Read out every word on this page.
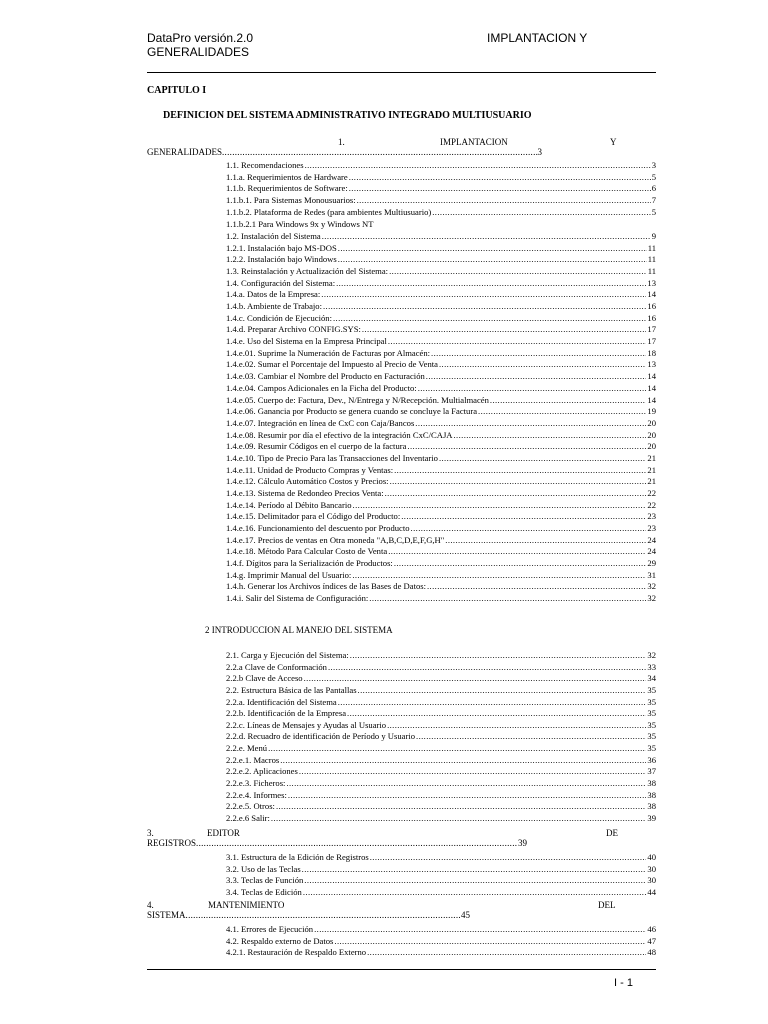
DataPro versión.2.0
GENERALIDADES
IMPLANTACION Y
CAPITULO I
DEFINICION DEL SISTEMA ADMINISTRATIVO INTEGRADO MULTIUSUARIO
1.	IMPLANTACION	Y
GENERALIDADES .....	3
1.1. Recomendaciones .....	3
1.1.a. Requerimientos de Hardware .....	5
1.1.b. Requerimientos de Software: .....	6
1.1.b.1. Para Sistemas Monousuarios: .....	7
1.1.b.2. Plataforma de Redes (para ambientes Multiusuario) .....	5
1.1.b.2.1 Para Windows 9x y Windows NT
1.2. Instalación del Sistema .....	9
1.2.1. Instalación bajo MS-DOS .....	11
1.2.2. Instalación bajo Windows .....	11
1.3. Reinstalación y Actualización del Sistema: .....	11
1.4. Configuración del Sistema: .....	13
1.4.a. Datos de la Empresa: .....	14
1.4.b. Ambiente de Trabajo: .....	16
1.4.c. Condición de Ejecución: .....	16
1.4.d. Preparar Archivo CONFIG.SYS: .....	17
1.4.e. Uso del Sistema en la Empresa Principal .....	17
1.4.e.01. Suprime la Numeración de Facturas por Almacén: .....	18
1.4.e.02. Sumar el Porcentaje del Impuesto al Precio de Venta .....	13
1.4.e.03. Cambiar el Nombre del Producto en Facturación .....	14
1.4.e.04. Campos Adicionales en la Ficha del Producto: .....	14
1.4.e.05. Cuerpo de: Factura, Dev., N/Entrega y N/Recepción. Multialmacén .....	14
1.4.e.06. Ganancia por Producto se genera cuando se concluye la Factura .....	19
1.4.e.07. Integración en línea de CxC con Caja/Bancos .....	20
1.4.e.08. Resumir por día el efectivo de la integración CxC/CAJA .....	20
1.4.e.09. Resumir Códigos en el cuerpo de la factura .....	20
1.4.e.10. Tipo de Precio Para las Transacciones del Inventario .....	21
1.4.e.11. Unidad de Producto Compras y Ventas: .....	21
1.4.e.12. Cálculo Automático Costos y Precios: .....	21
1.4.e.13. Sistema de Redondeo Precios Venta: .....	22
1.4.e.14. Período al Débito Bancario .....	22
1.4.e.15. Delimitador para el Código del Producto: .....	23
1.4.e.16. Funcionamiento del descuento por Producto .....	23
1.4.e.17. Precios de ventas en Otra moneda "A,B,C,D,E,F,G,H" .....	24
1.4.e.18. Método Para Calcular Costo de Venta .....	24
1.4.f. Dígitos para la Serialización de Productos: .....	29
1.4.g. Imprimir Manual del Usuario: .....	31
1.4.h. Generar los Archivos índices de las Bases de Datos: .....	32
1.4.i. Salir del Sistema de Configuración: .....	32
2 INTRODUCCION AL MANEJO DEL SISTEMA
2.1. Carga y Ejecución del Sistema: .....	32
2.2.a Clave de Conformación .....	33
2.2.b Clave de Acceso .....	34
2.2. Estructura Básica de las Pantallas .....	35
2.2.a. Identificación del Sistema .....	35
2.2.b. Identificación de la Empresa .....	35
2.2.c. Líneas de Mensajes y Ayudas al Usuario .....	35
2.2.d. Recuadro de identificación de Período y Usuario .....	35
2.2.e. Menú .....	35
2.2.e.1. Macros .....	36
2.2.e.2. Aplicaciones .....	37
2.2.e.3. Ficheros: .....	38
2.2.e.4. Informes: .....	38
2.2.e.5. Otros: .....	38
2.2.e.6 Salir: .....	39
3.	EDITOR	DE
REGISTROS .....	39
3.1. Estructura de la Edición de Registros .....	40
3.2. Uso de las Teclas .....	30
3.3. Teclas de Función .....	30
3.4. Teclas de Edición .....	44
4.	MANTENIMIENTO	DEL
SISTEMA .....	45
4.1. Errores de Ejecución .....	46
4.2. Respaldo externo de Datos .....	47
4.2.1. Restauración de Respaldo Externo .....	48
I - 1
